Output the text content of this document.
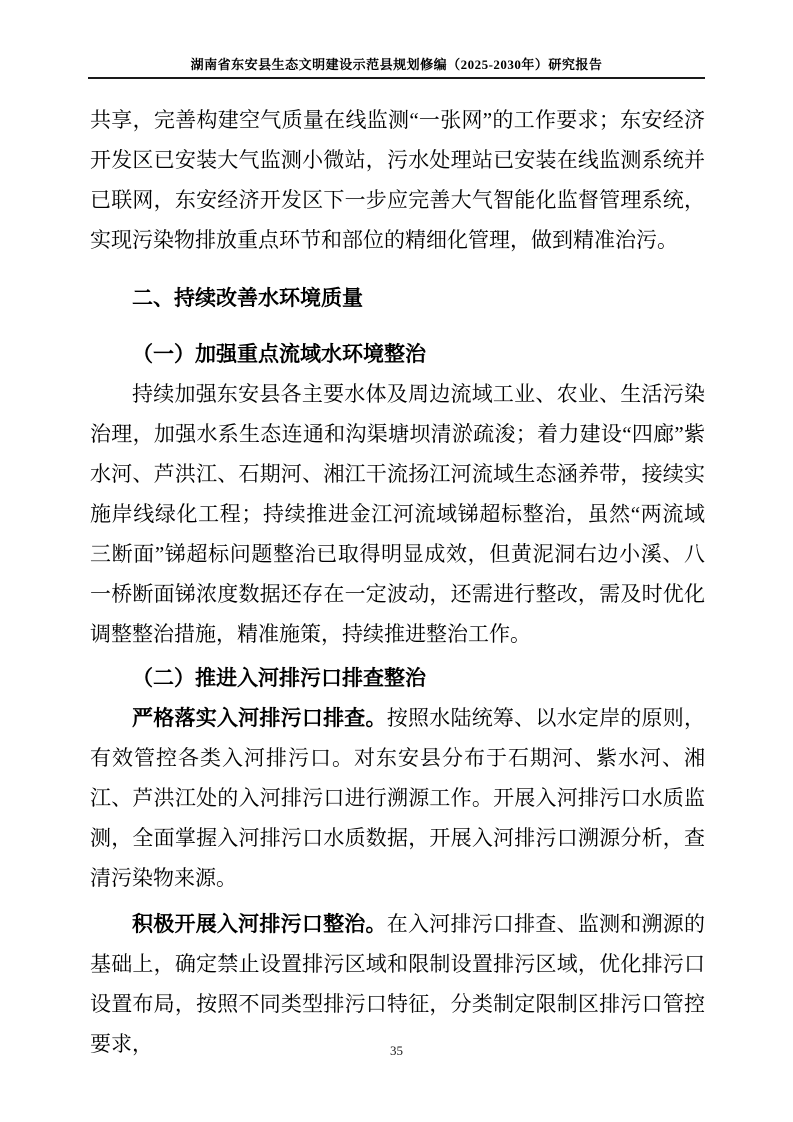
湖南省东安县生态文明建设示范县规划修编（2025-2030年）研究报告

共享，完善构建空气质量在线监测“一张网”的工作要求；东安经济开发区已安装大气监测小微站，污水处理站已安装在线监测系统并已联网，东安经济开发区下一步应完善大气智能化监督管理系统，实现污染物排放重点环节和部位的精细化管理，做到精准治污。

二、持续改善水环境质量
（一）加强重点流域水环境整治

持续加强东安县各主要水体及周边流域工业、农业、生活污染治理，加强水系生态连通和沟渠塘坝清淤疏浚；着力建设“四廊”紫水河、芦洪江、石期河、湘江干流扬江河流域生态涵养带，接续实施岸线绿化工程；持续推进金江河流域锑超标整治，虽然“两流域三断面”锑超标问题整治已取得明显成效，但黄泥洞右边小溪、八一桥断面锑浓度数据还存在一定波动，还需进行整改，需及时优化调整整治措施，精准施策，持续推进整治工作。

（二）推进入河排污口排查整治

严格落实入河排污口排查。按照水陆统筹、以水定岸的原则，有效管控各类入河排污口。对东安县分布于石期河、紫水河、湘江、芦洪江处的入河排污口进行溯源工作。开展入河排污口水质监测，全面掌握入河排污口水质数据，开展入河排污口溯源分析，查清污染物来源。

积极开展入河排污口整治。在入河排污口排查、监测和溯源的基础上，确定禁止设置排污区域和限制设置排污区域，优化排污口设置布局，按照不同类型排污口特征，分类制定限制区排污口管控要求，	35
